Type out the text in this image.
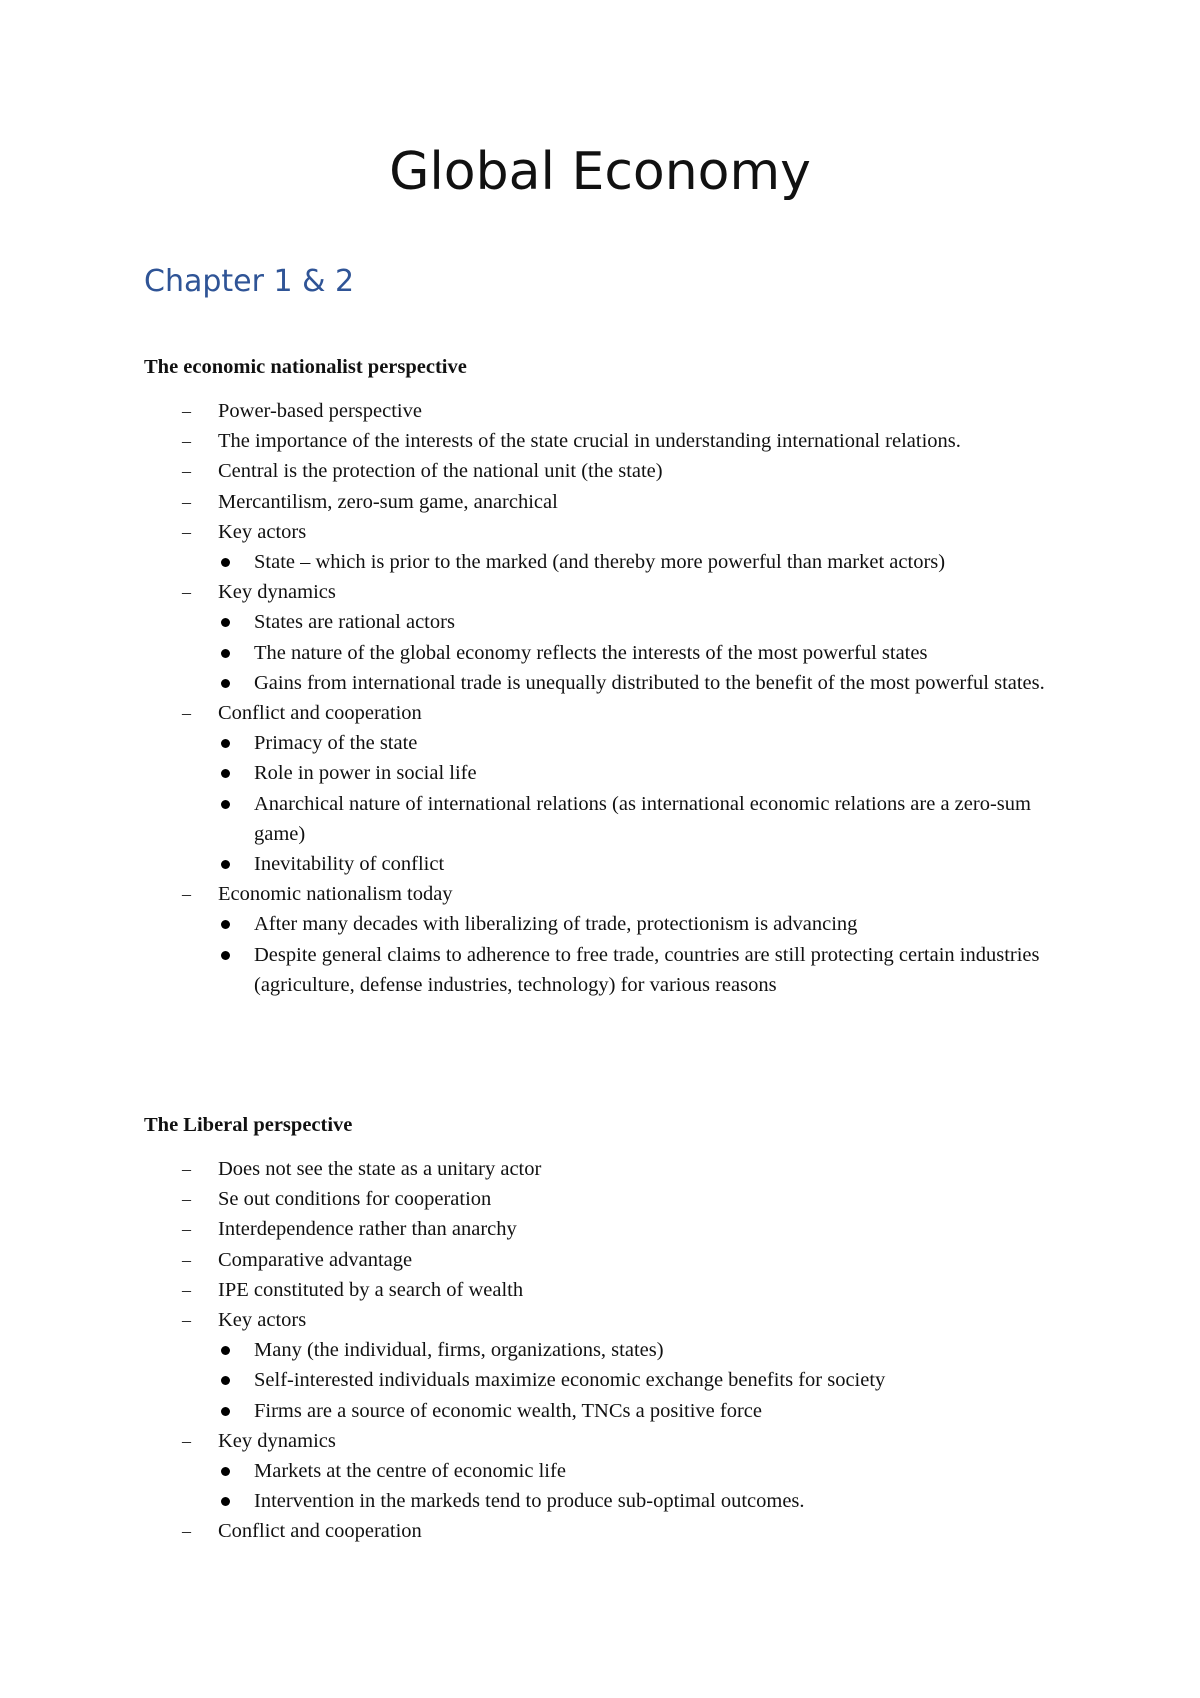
Global Economy
Chapter 1 & 2
The economic nationalist perspective
– Power-based perspective
– The importance of the interests of the state crucial in understanding international relations.
– Central is the protection of the national unit (the state)
– Mercantilism, zero-sum game, anarchical
– Key actors
State – which is prior to the marked (and thereby more powerful than market actors)
– Key dynamics
States are rational actors
The nature of the global economy reflects the interests of the most powerful states
Gains from international trade is unequally distributed to the benefit of the most powerful states.
– Conflict and cooperation
Primacy of the state
Role in power in social life
Anarchical nature of international relations (as international economic relations are a zero-sum game)
Inevitability of conflict
– Economic nationalism today
After many decades with liberalizing of trade, protectionism is advancing
Despite general claims to adherence to free trade, countries are still protecting certain industries (agriculture, defense industries, technology) for various reasons
The Liberal perspective
– Does not see the state as a unitary actor
– Se out conditions for cooperation
– Interdependence rather than anarchy
– Comparative advantage
– IPE constituted by a search of wealth
– Key actors
Many (the individual, firms, organizations, states)
Self-interested individuals maximize economic exchange benefits for society
Firms are a source of economic wealth, TNCs a positive force
– Key dynamics
Markets at the centre of economic life
Intervention in the markeds tend to produce sub-optimal outcomes.
– Conflict and cooperation
